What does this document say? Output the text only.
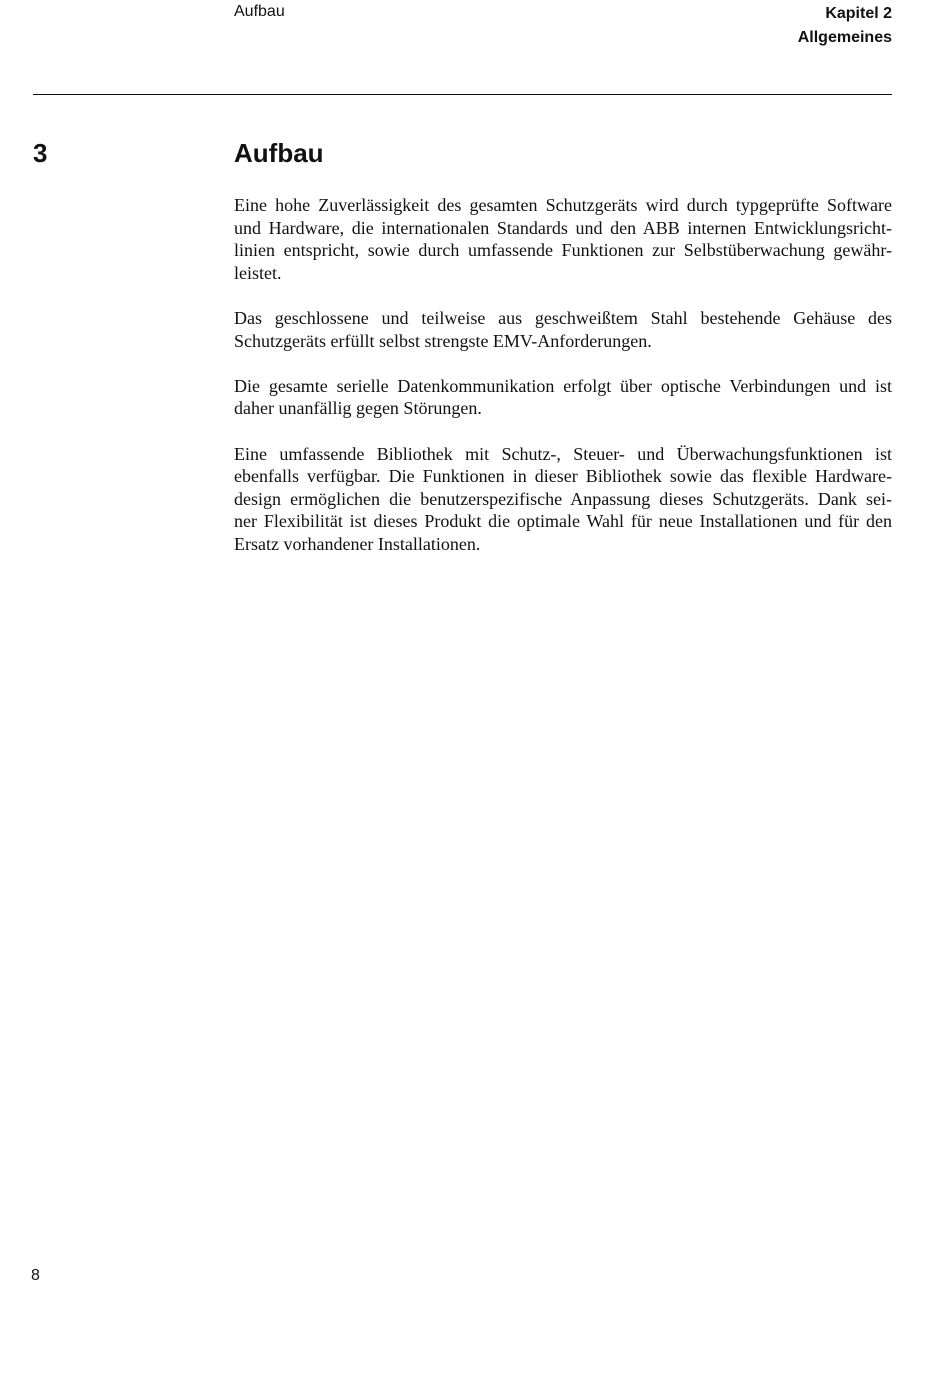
Aufbau	Kapitel 2
Allgemeines
3	Aufbau

Eine hohe Zuverlässigkeit des gesamten Schutzgeräts wird durch typgeprüfte Software
und Hardware, die internationalen Standards und den ABB internen Entwicklungsricht-
linien entspricht, sowie durch umfassende Funktionen zur Selbstüberwachung gewähr-
leistet.

Das geschlossene und teilweise aus geschweißtem Stahl bestehende Gehäuse des
Schutzgeräts erfüllt selbst strengste EMV-Anforderungen.

Die gesamte serielle Datenkommunikation erfolgt über optische Verbindungen und ist
daher unanfällig gegen Störungen.

Eine umfassende Bibliothek mit Schutz-, Steuer- und Überwachungsfunktionen ist
ebenfalls verfügbar. Die Funktionen in dieser Bibliothek sowie das flexible Hardware-
design ermöglichen die benutzerspezifische Anpassung dieses Schutzgeräts. Dank sei-
ner Flexibilität ist dieses Produkt die optimale Wahl für neue Installationen und für den
Ersatz vorhandener Installationen.

8
